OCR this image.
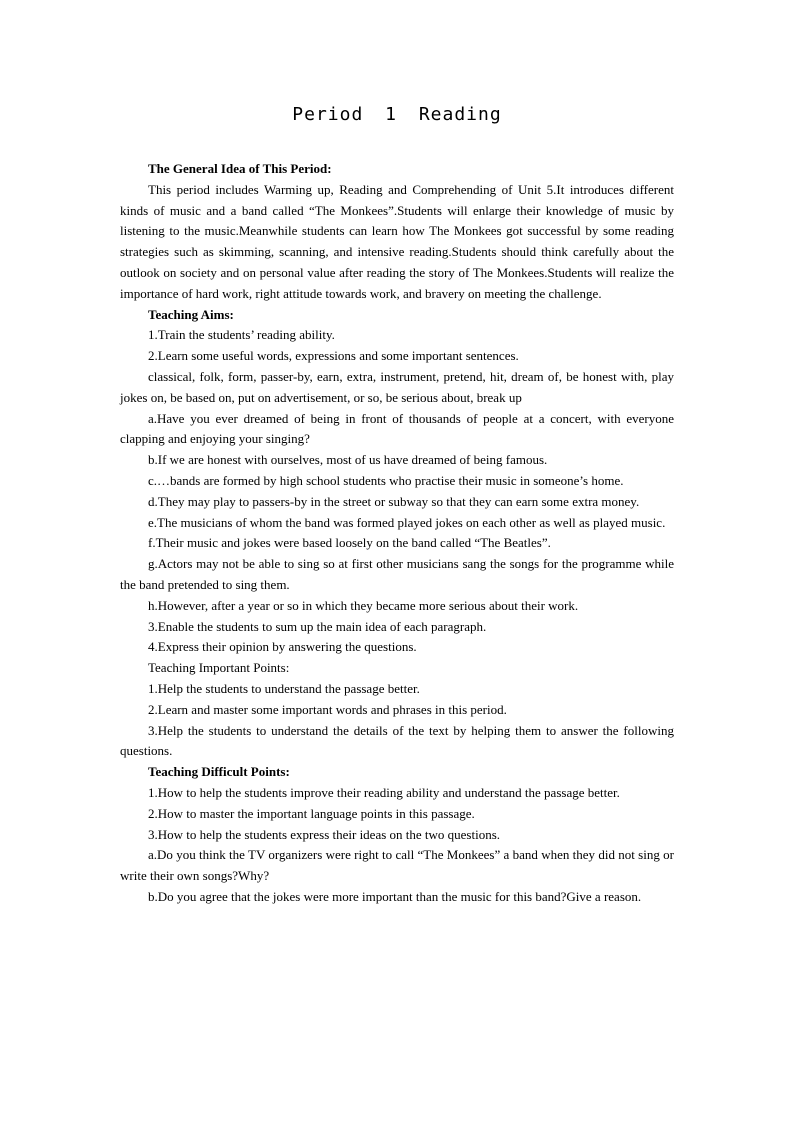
Period 1 Reading

The General Idea of This Period:

This period includes Warming up, Reading and Comprehending of Unit 5.It introduces different kinds of music and a band called “The Monkees”.Students will enlarge their knowledge of music by listening to the music.Meanwhile students can learn how The Monkees got successful by some reading strategies such as skimming, scanning, and intensive reading.Students should think carefully about the outlook on society and on personal value after reading the story of The Monkees.Students will realize the importance of hard work, right attitude towards work, and bravery on meeting the challenge.

Teaching Aims:

1.Train the students’ reading ability.

2.Learn some useful words, expressions and some important sentences.

classical, folk, form, passer-by, earn, extra, instrument, pretend, hit, dream of, be honest with, play jokes on, be based on, put on advertisement, or so, be serious about, break up

a.Have you ever dreamed of being in front of thousands of people at a concert, with everyone clapping and enjoying your singing?

b.If we are honest with ourselves, most of us have dreamed of being famous.

c.…bands are formed by high school students who practise their music in someone’s home.

d.They may play to passers-by in the street or subway so that they can earn some extra money.

e.The musicians of whom the band was formed played jokes on each other as well as played music.

f.Their music and jokes were based loosely on the band called “The Beatles”.

g.Actors may not be able to sing so at first other musicians sang the songs for the programme while the band pretended to sing them.

h.However, after a year or so in which they became more serious about their work.

3.Enable the students to sum up the main idea of each paragraph.

4.Express their opinion by answering the questions.

Teaching Important Points:

1.Help the students to understand the passage better.

2.Learn and master some important words and phrases in this period.

3.Help the students to understand the details of the text by helping them to answer the following questions.

Teaching Difficult Points:

1.How to help the students improve their reading ability and understand the passage better.

2.How to master the important language points in this passage.

3.How to help the students express their ideas on the two questions.

a.Do you think the TV organizers were right to call “The Monkees” a band when they did not sing or write their own songs?Why?

b.Do you agree that the jokes were more important than the music for this band?Give a reason.
